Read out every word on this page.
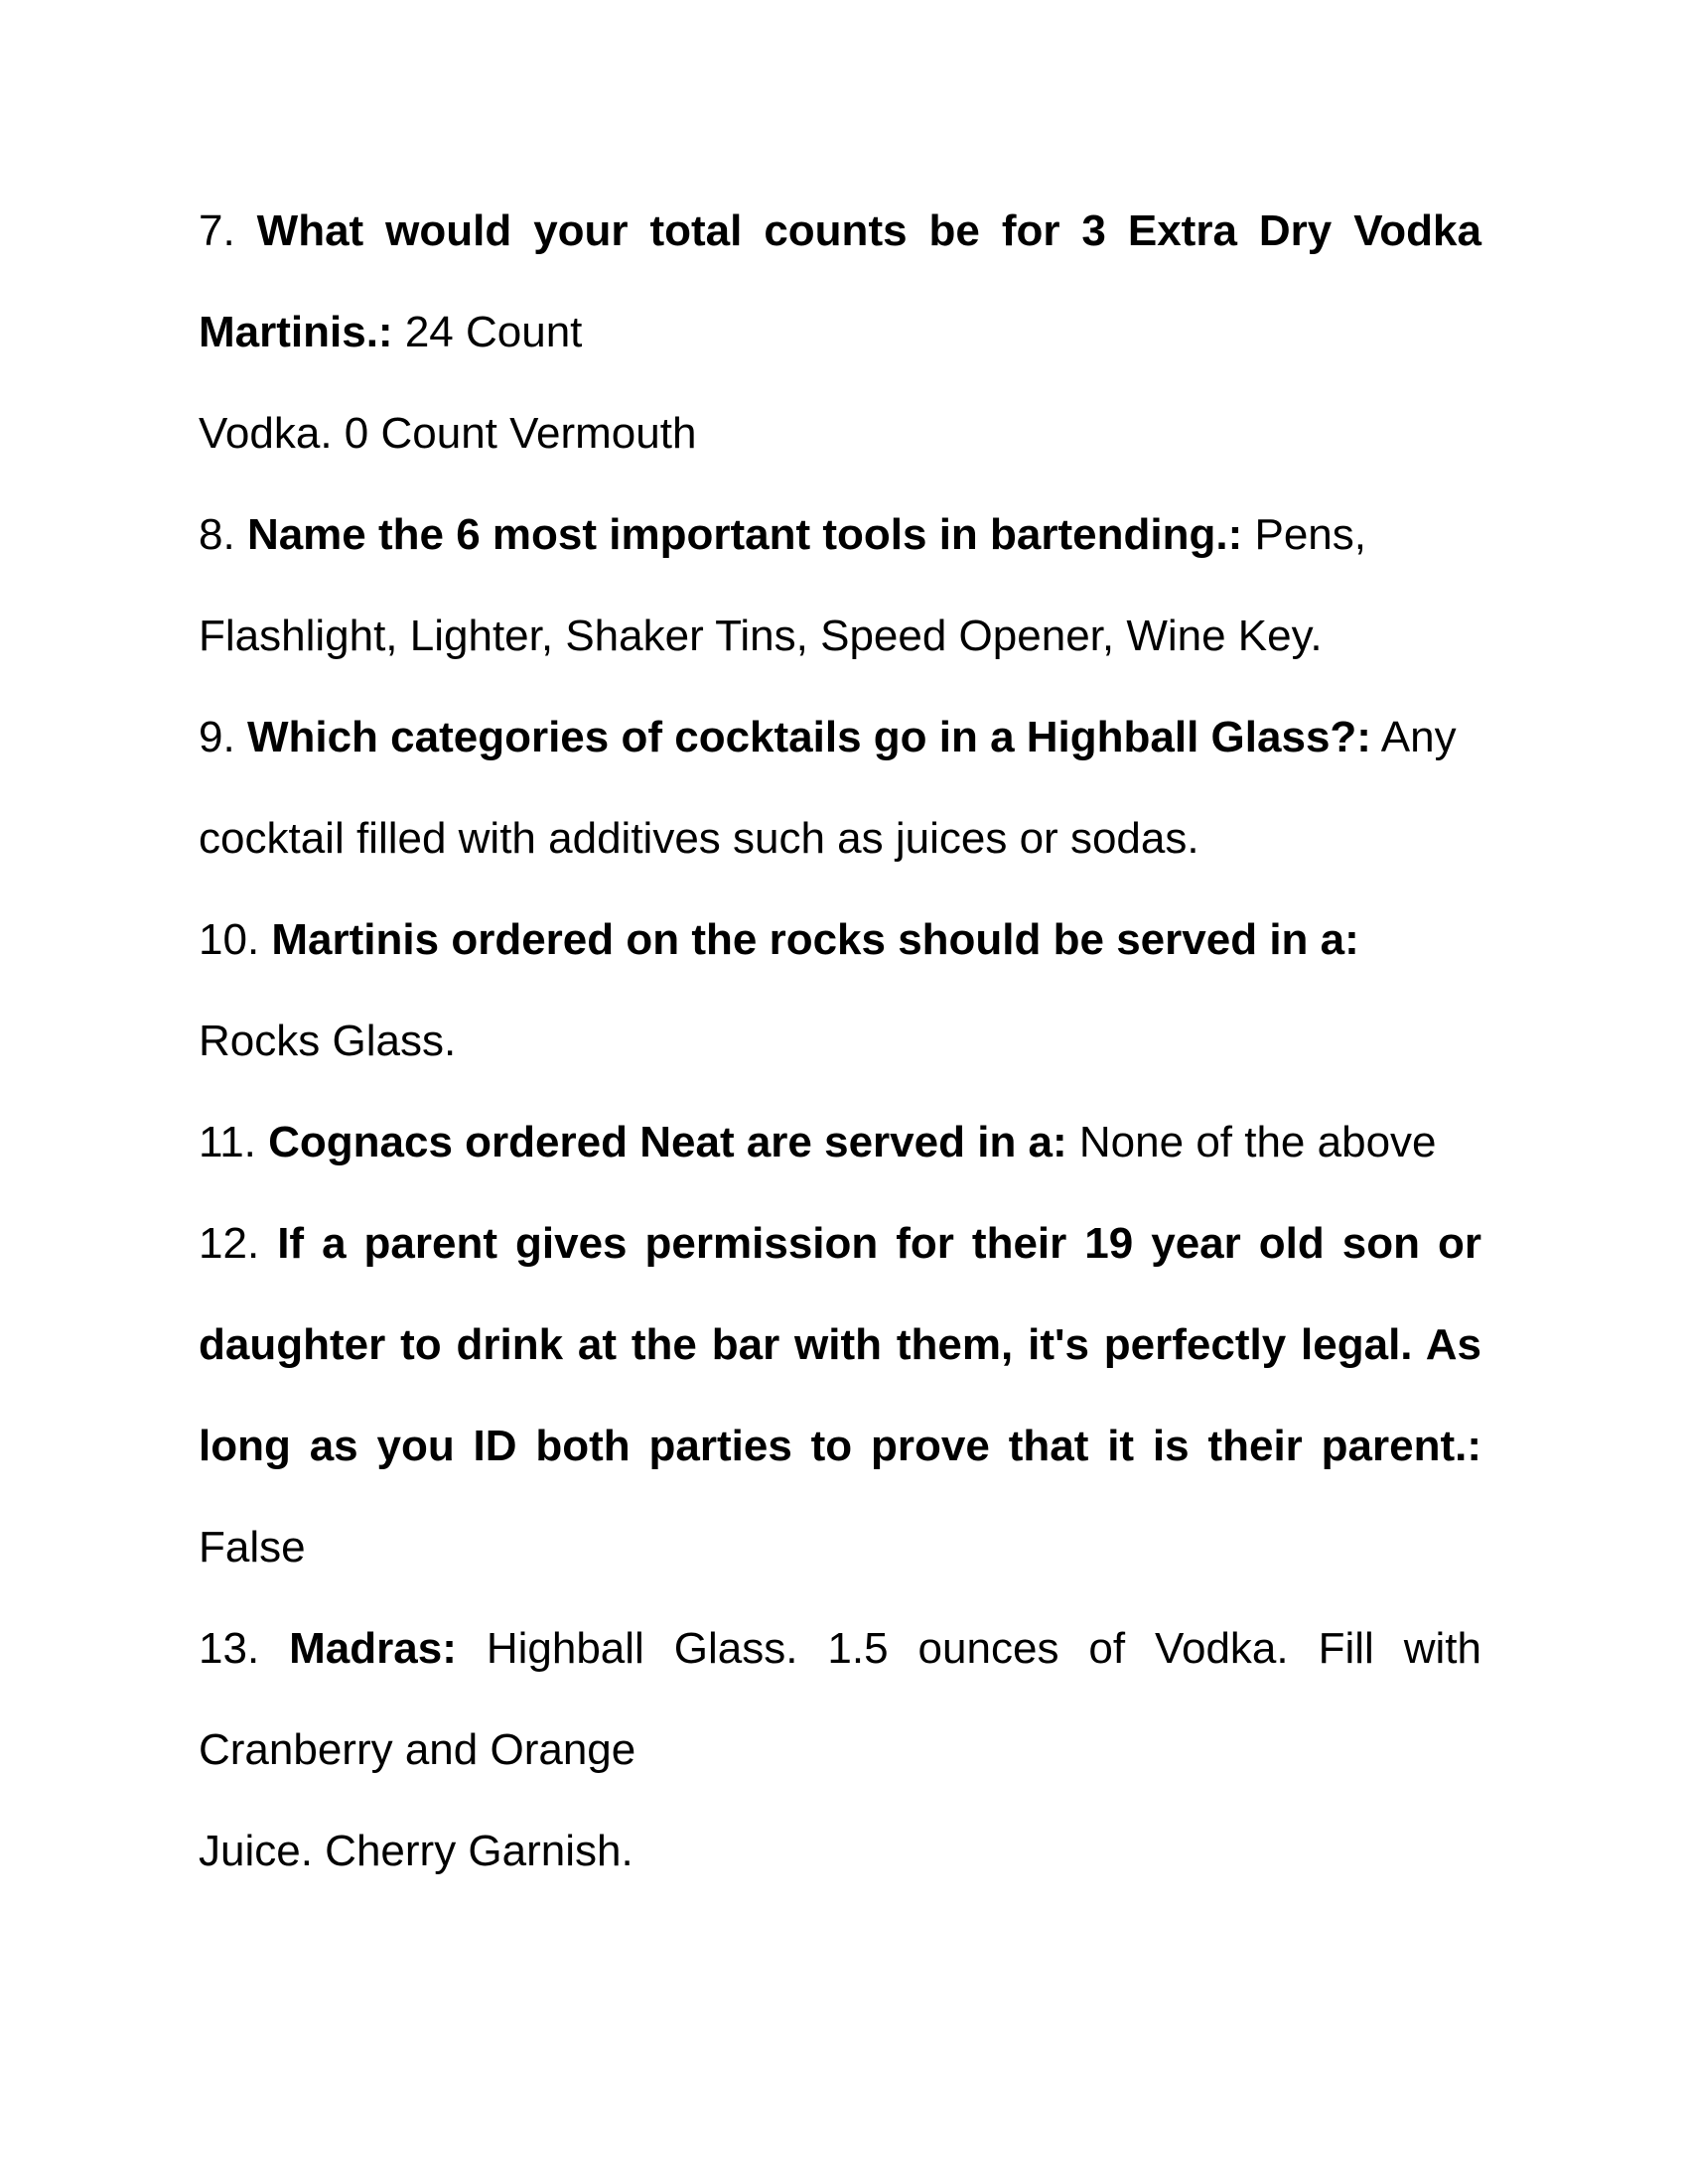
7. What would your total counts be for 3 Extra Dry Vodka Martinis.: 24 Count

Vodka. 0 Count Vermouth

8. Name the 6 most important tools in bartending.: Pens, Flashlight, Lighter, Shaker Tins, Speed Opener, Wine Key.

9. Which categories of cocktails go in a Highball Glass?: Any cocktail filled with additives such as juices or sodas.

10. Martinis ordered on the rocks should be served in a: Rocks Glass.

11. Cognacs ordered Neat are served in a: None of the above

12. If a parent gives permission for their 19 year old son or daughter to drink at the bar with them, it's perfectly legal. As long as you ID both parties to prove that it is their parent.: False

13. Madras: Highball Glass. 1.5 ounces of Vodka. Fill with Cranberry and Orange

Juice. Cherry Garnish.
